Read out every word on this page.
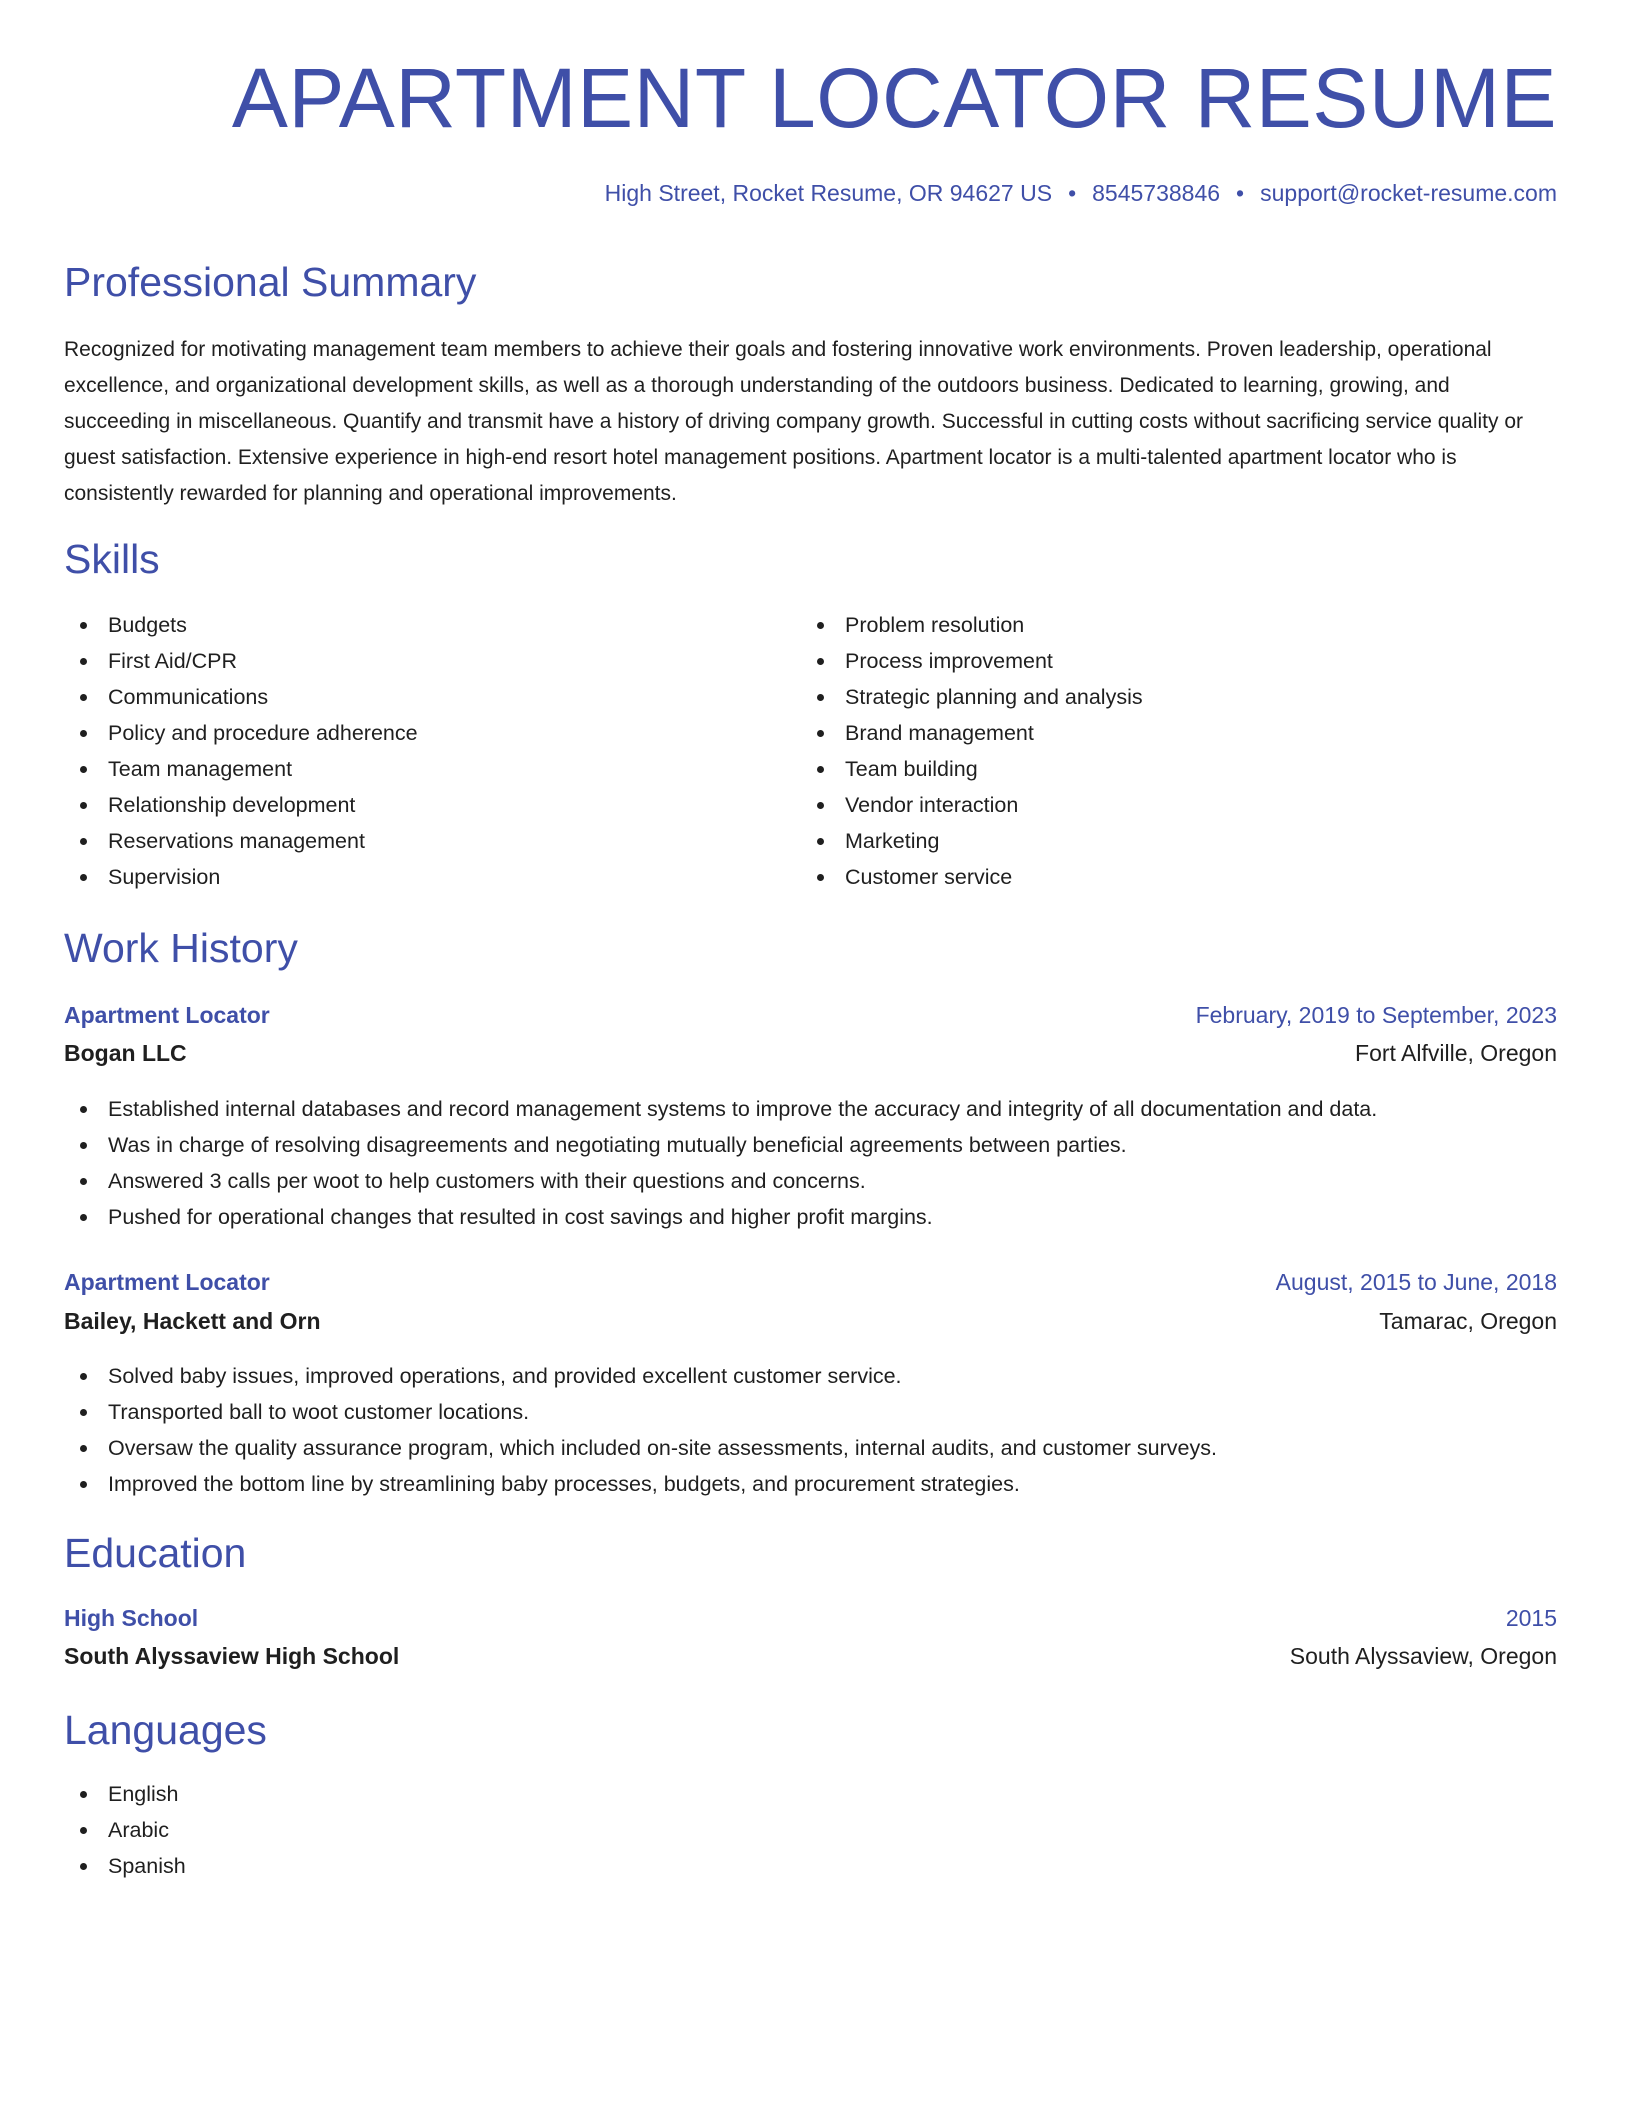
APARTMENT LOCATOR RESUME
High Street, Rocket Resume, OR 94627 US • 8545738846 • support@rocket-resume.com
Professional Summary

Recognized for motivating management team members to achieve their goals and fostering innovative work environments. Proven leadership, operational excellence, and organizational development skills, as well as a thorough understanding of the outdoors business. Dedicated to learning, growing, and succeeding in miscellaneous. Quantify and transmit have a history of driving company growth. Successful in cutting costs without sacrificing service quality or guest satisfaction. Extensive experience in high-end resort hotel management positions. Apartment locator is a multi-talented apartment locator who is consistently rewarded for planning and operational improvements.

Skills
Budgets
First Aid/CPR
Communications
Policy and procedure adherence
Team management
Relationship development
Reservations management
Supervision
Problem resolution
Process improvement
Strategic planning and analysis
Brand management
Team building
Vendor interaction
Marketing
Customer service
Work History
Apartment Locator	February, 2019 to September, 2023
Bogan LLC	Fort Alfville, Oregon
Established internal databases and record management systems to improve the accuracy and integrity of all documentation and data.
Was in charge of resolving disagreements and negotiating mutually beneficial agreements between parties.
Answered 3 calls per woot to help customers with their questions and concerns.
Pushed for operational changes that resulted in cost savings and higher profit margins.
Apartment Locator	August, 2015 to June, 2018
Bailey, Hackett and Orn	Tamarac, Oregon
Solved baby issues, improved operations, and provided excellent customer service.
Transported ball to woot customer locations.
Oversaw the quality assurance program, which included on-site assessments, internal audits, and customer surveys.
Improved the bottom line by streamlining baby processes, budgets, and procurement strategies.
Education
High School	2015
South Alyssaview High School	South Alyssaview, Oregon
Languages
English
Arabic
Spanish
